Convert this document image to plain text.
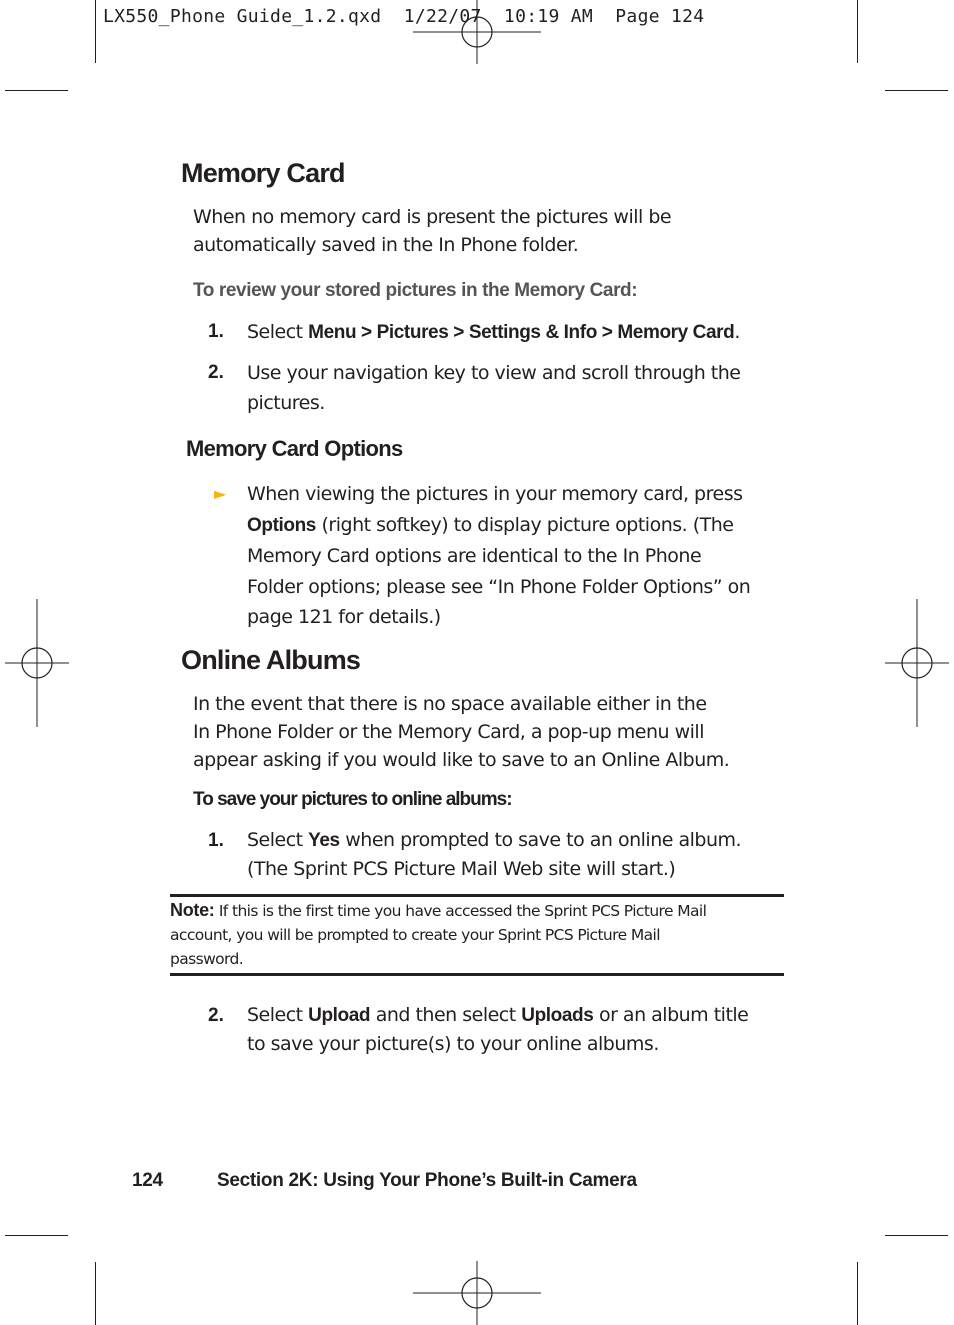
LX550_Phone Guide_1.2.qxd  1/22/07  10:19 AM  Page 124
Memory Card
When no memory card is present the pictures will be
automatically saved in the In Phone folder.
To review your stored pictures in the Memory Card:
1. Select Menu > Pictures > Settings & Info > Memory Card.
2. Use your navigation key to view and scroll through the
pictures.
Memory Card Options
► When viewing the pictures in your memory card, press
Options (right softkey) to display picture options. (The
Memory Card options are identical to the In Phone
Folder options; please see “In Phone Folder Options” on
page 121 for details.)
Online Albums
In the event that there is no space available either in the
In Phone Folder or the Memory Card, a pop-up menu will
appear asking if you would like to save to an Online Album.
To save your pictures to online albums:
1. Select Yes when prompted to save to an online album.
(The Sprint PCS Picture Mail Web site will start.)
Note: If this is the first time you have accessed the Sprint PCS Picture Mail
account, you will be prompted to create your Sprint PCS Picture Mail
password.
2. Select Upload and then select Uploads or an album title
to save your picture(s) to your online albums.
124	Section 2K: Using Your Phone’s Built-in Camera
